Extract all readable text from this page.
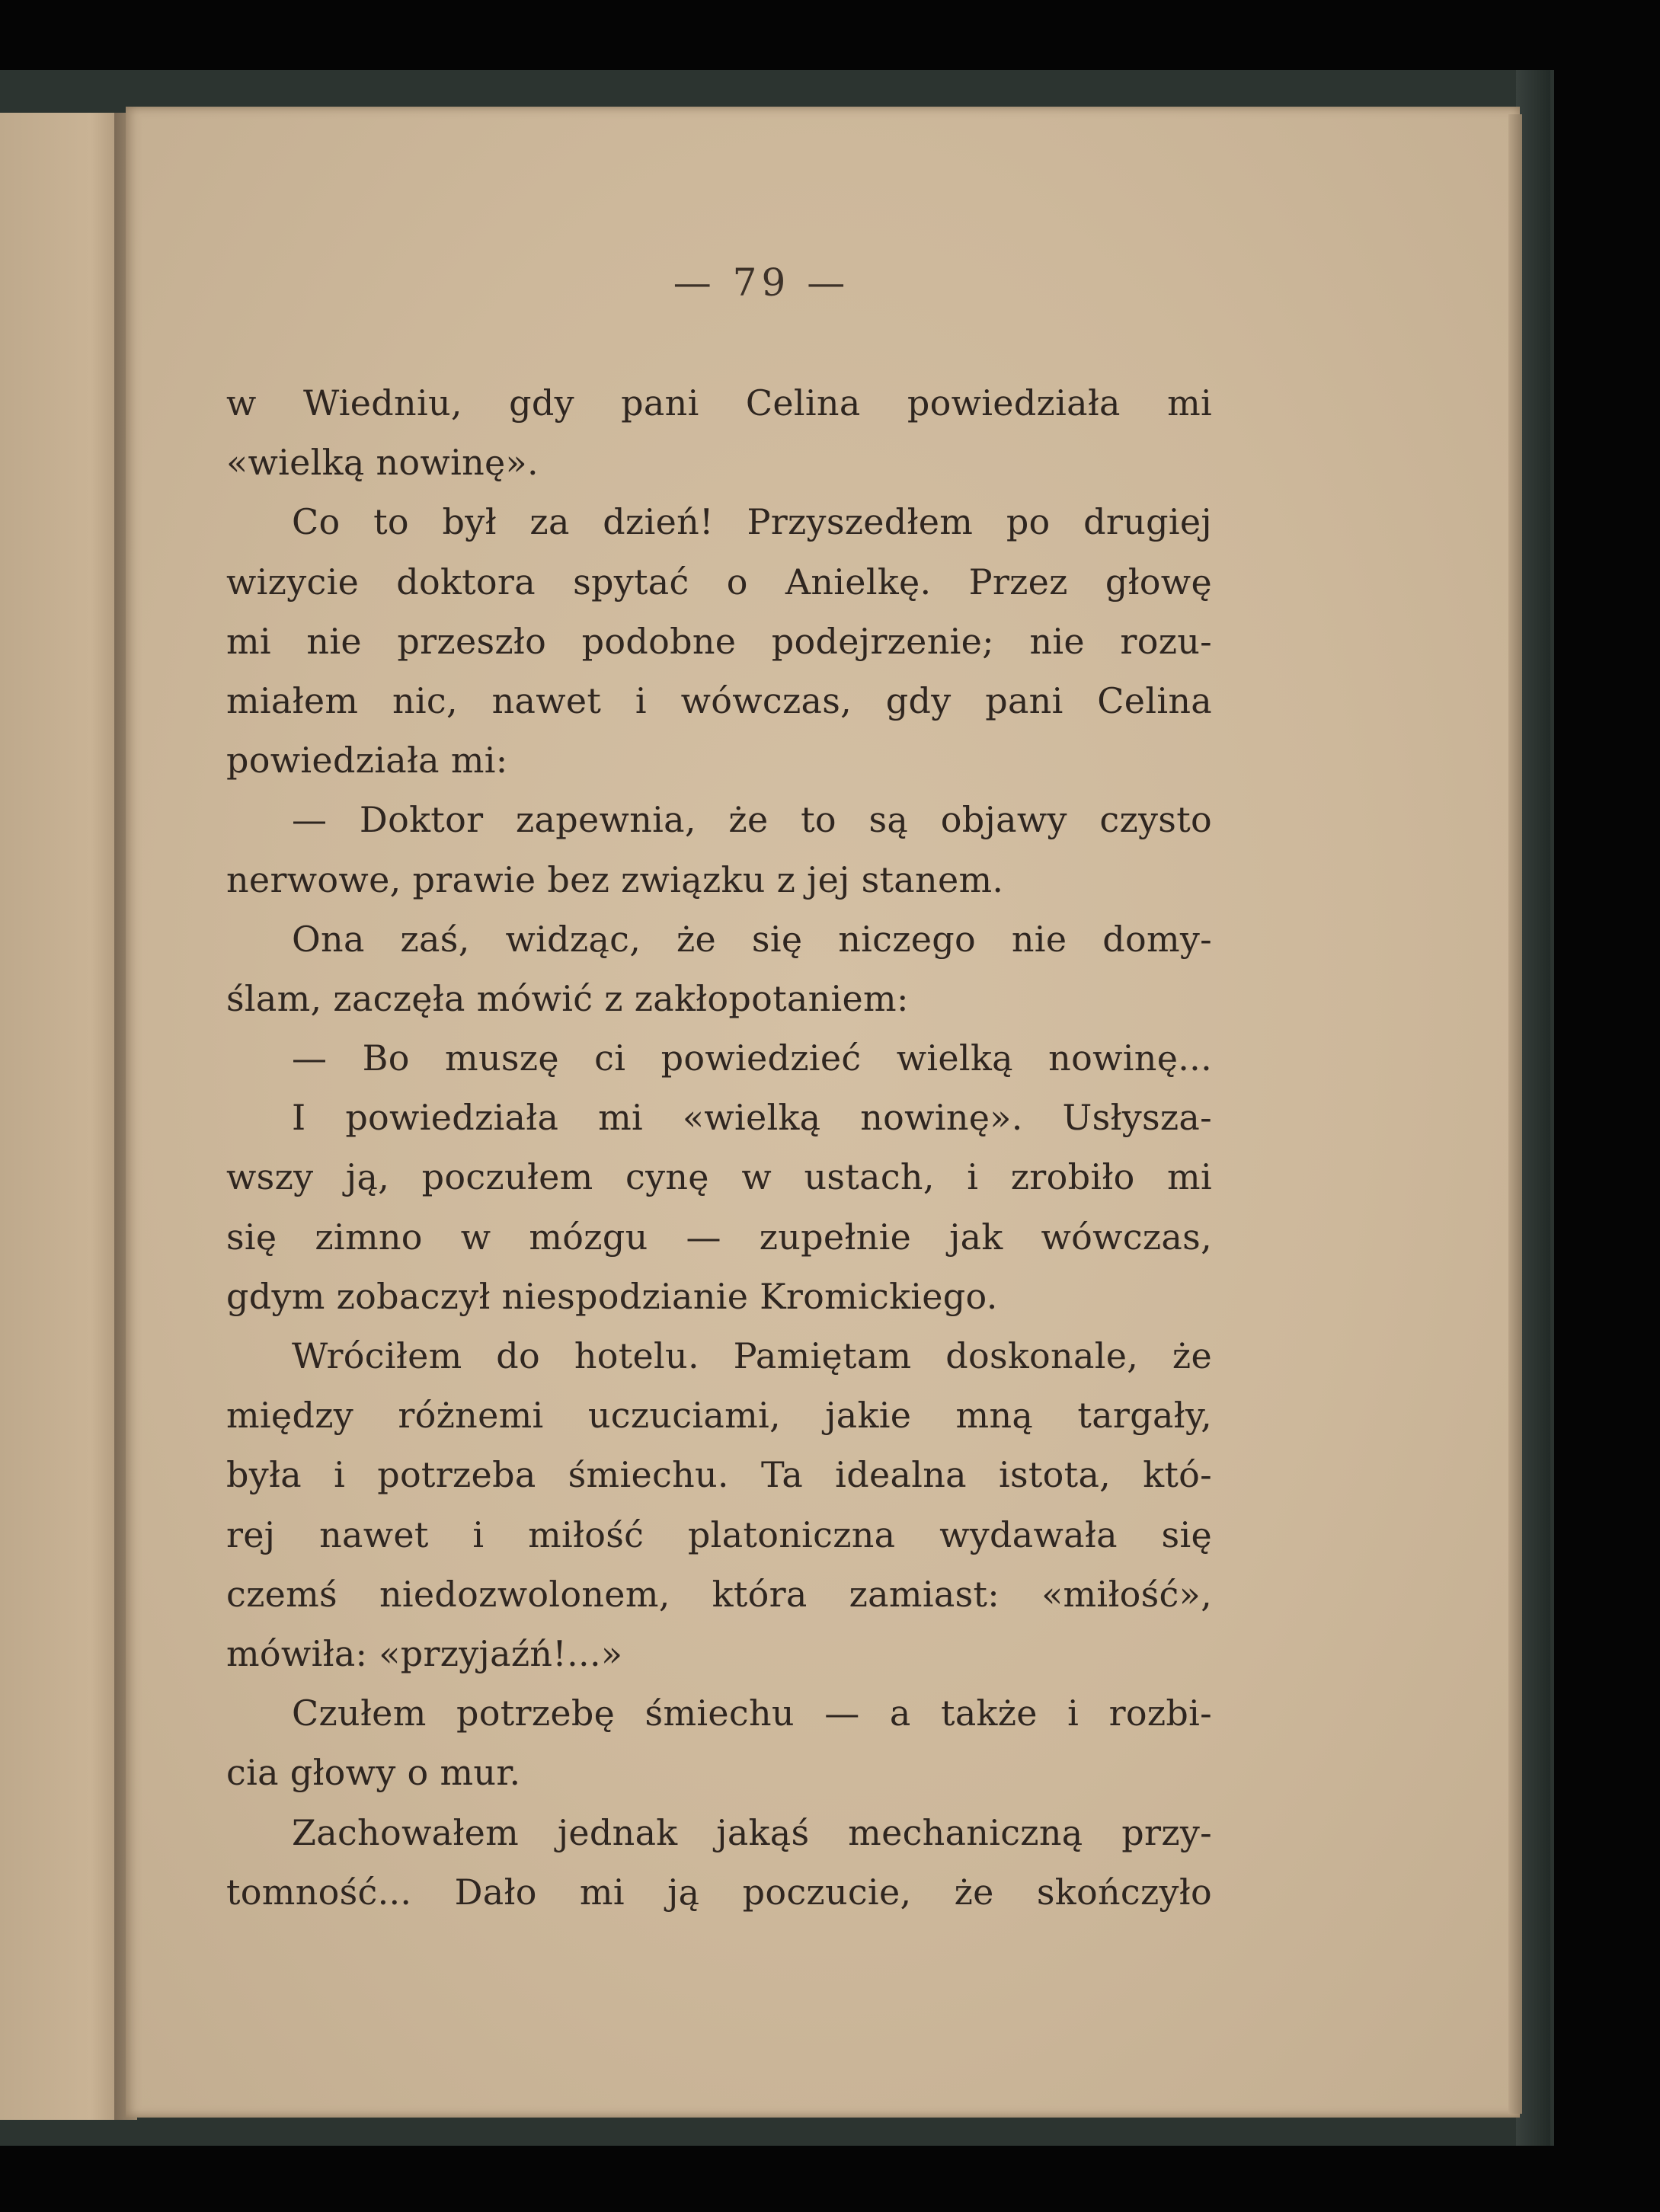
— 79 —
w Wiedniu, gdy pani Celina powiedziała mi
«wielką nowinę».
Co to był za dzień! Przyszedłem po drugiej
wizycie doktora spytać o Anielkę. Przez głowę
mi nie przeszło podobne podejrzenie; nie rozu-
miałem nic, nawet i wówczas, gdy pani Celina
powiedziała mi:
— Doktor zapewnia, że to są objawy czysto
nerwowe, prawie bez związku z jej stanem.
Ona zaś, widząc, że się niczego nie domy-
ślam, zaczęła mówić z zakłopotaniem:
— Bo muszę ci powiedzieć wielką nowinę...
I powiedziała mi «wielką nowinę». Usłysza-
wszy ją, poczułem cynę w ustach, i zrobiło mi
się zimno w mózgu — zupełnie jak wówczas,
gdym zobaczył niespodzianie Kromickiego.
Wróciłem do hotelu. Pamiętam doskonale, że
między różnemi uczuciami, jakie mną targały,
była i potrzeba śmiechu. Ta idealna istota, któ-
rej nawet i miłość platoniczna wydawała się
czemś niedozwolonem, która zamiast: «miłość»,
mówiła: «przyjaźń!...»
Czułem potrzebę śmiechu — a także i rozbi-
cia głowy o mur.
Zachowałem jednak jakąś mechaniczną przy-
tomność... Dało mi ją poczucie, że skończyło
